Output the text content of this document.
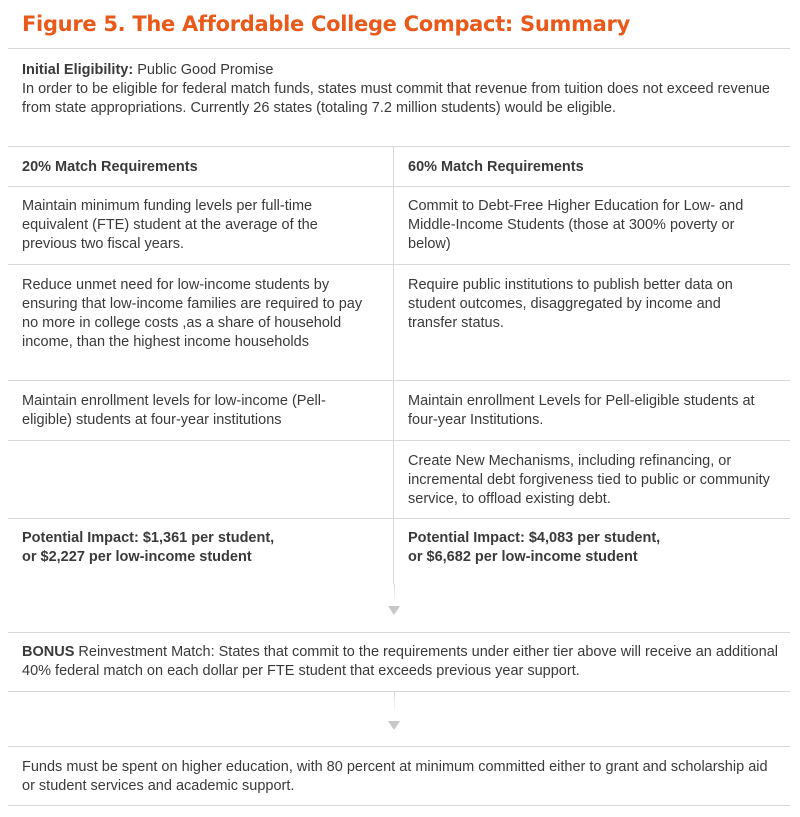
Figure 5. The Affordable College Compact: Summary
Initial Eligibility: Public Good Promise
In order to be eligible for federal match funds, states must commit that revenue from tuition does not exceed revenue from state appropriations. Currently 26 states (totaling 7.2 million students) would be eligible.
20% Match Requirements	60% Match Requirements
Maintain minimum funding levels per full-time equivalent (FTE) student at the average of the previous two fiscal years.
Commit to Debt-Free Higher Education for Low- and Middle-Income Students (those at 300% poverty or below)
Reduce unmet need for low-income students by ensuring that low-income families are required to pay no more in college costs ,as a share of household income, than the highest income households
Require public institutions to publish better data on student outcomes, disaggregated by income and transfer status.
Maintain enrollment levels for low-income (Pell-eligible) students at four-year institutions
Maintain enrollment Levels for Pell-eligible students at four-year Institutions.
Create New Mechanisms, including refinancing, or incremental debt forgiveness tied to public or community service, to offload existing debt.
Potential Impact: $1,361 per student,
or $2,227 per low-income student
Potential Impact: $4,083 per student,
or $6,682 per low-income student
BONUS Reinvestment Match: States that commit to the requirements under either tier above will receive an additional 40% federal match on each dollar per FTE student that exceeds previous year support.
Funds must be spent on higher education, with 80 percent at minimum committed either to grant and scholarship aid or student services and academic support.
